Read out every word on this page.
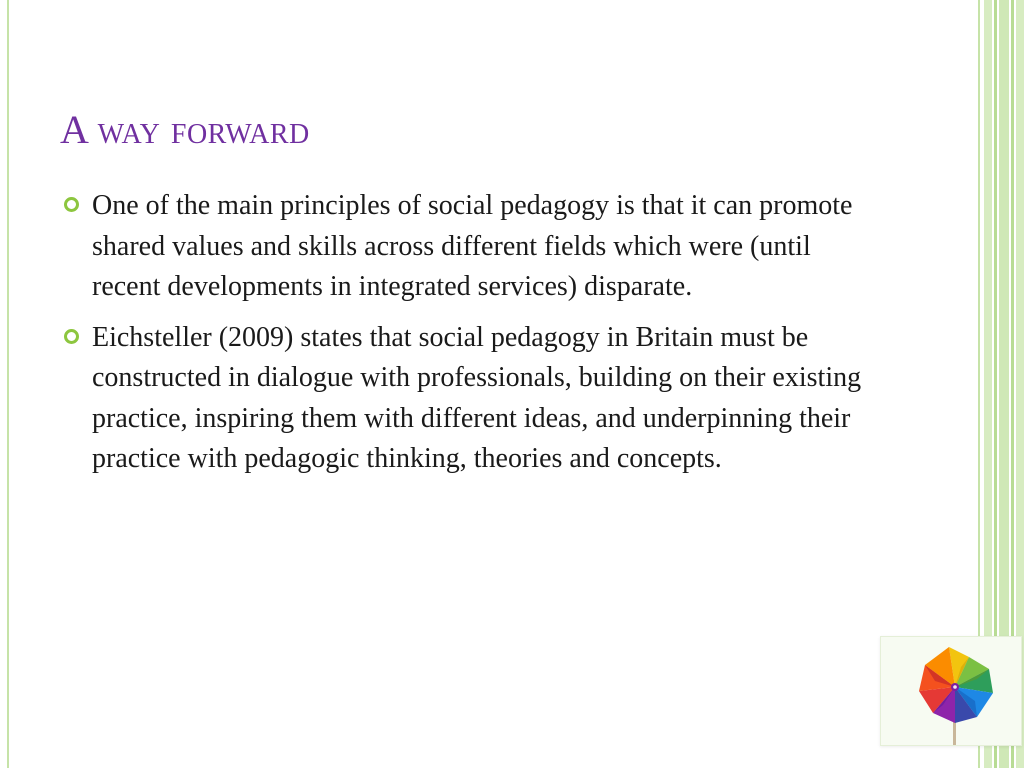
A way forward
One of the main principles of social pedagogy is that it can promote shared values and skills across different fields which were (until recent developments in integrated services) disparate.
Eichsteller (2009) states that social pedagogy in Britain must be constructed in dialogue with professionals, building on their existing practice, inspiring them with different ideas, and underpinning their practice with pedagogic thinking, theories and concepts.
